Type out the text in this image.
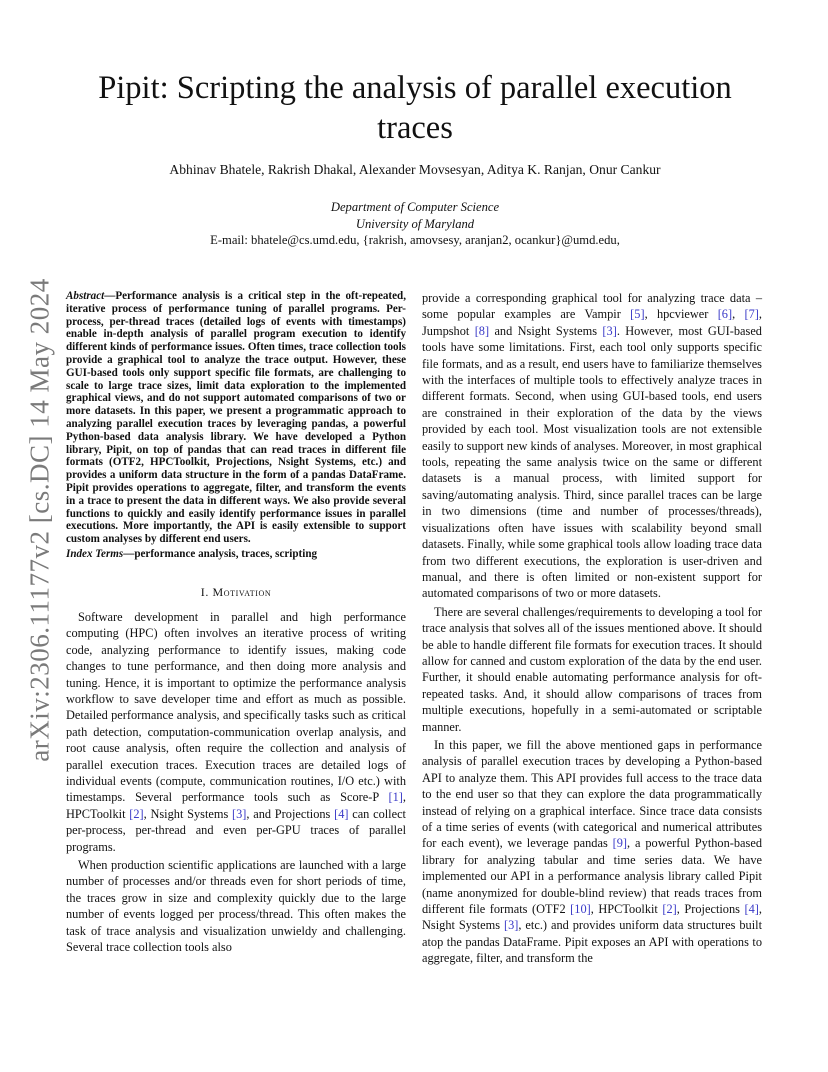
arXiv:2306.11177v2 [cs.DC] 14 May 2024
Pipit: Scripting the analysis of parallel execution traces
Abhinav Bhatele, Rakrish Dhakal, Alexander Movsesyan, Aditya K. Ranjan, Onur Cankur
Department of Computer Science
University of Maryland
E-mail: bhatele@cs.umd.edu, {rakrish, amovsesy, aranjan2, ocankur}@umd.edu,

Abstract—Performance analysis is a critical step in the oft-repeated, iterative process of performance tuning of parallel programs. Per-process, per-thread traces (detailed logs of events with timestamps) enable in-depth analysis of parallel program execution to identify different kinds of performance issues. Often times, trace collection tools provide a graphical tool to analyze the trace output. However, these GUI-based tools only support specific file formats, are challenging to scale to large trace sizes, limit data exploration to the implemented graphical views, and do not support automated comparisons of two or more datasets. In this paper, we present a programmatic approach to analyzing parallel execution traces by leveraging pandas, a powerful Python-based data analysis library. We have developed a Python library, Pipit, on top of pandas that can read traces in different file formats (OTF2, HPCToolkit, Projections, Nsight Systems, etc.) and provides a uniform data structure in the form of a pandas DataFrame. Pipit provides operations to aggregate, filter, and transform the events in a trace to present the data in different ways. We also provide several functions to quickly and easily identify performance issues in parallel executions. More importantly, the API is easily extensible to support custom analyses by different end users.

Index Terms—performance analysis, traces, scripting

I. Motivation

Software development in parallel and high performance computing (HPC) often involves an iterative process of writing code, analyzing performance to identify issues, making code changes to tune performance, and then doing more analysis and tuning. Hence, it is important to optimize the performance analysis workflow to save developer time and effort as much as possible. Detailed performance analysis, and specifically tasks such as critical path detection, computation-communication overlap analysis, and root cause analysis, often require the collection and analysis of parallel execution traces. Execution traces are detailed logs of individual events (compute, communication routines, I/O etc.) with timestamps. Several performance tools such as Score-P [1], HPCToolkit [2], Nsight Systems [3], and Projections [4] can collect per-process, per-thread and even per-GPU traces of parallel programs.

When production scientific applications are launched with a large number of processes and/or threads even for short periods of time, the traces grow in size and complexity quickly due to the large number of events logged per process/thread. This often makes the task of trace analysis and visualization unwieldy and challenging. Several trace collection tools also

provide a corresponding graphical tool for analyzing trace data – some popular examples are Vampir [5], hpcviewer [6], [7], Jumpshot [8] and Nsight Systems [3]. However, most GUI-based tools have some limitations. First, each tool only supports specific file formats, and as a result, end users have to familiarize themselves with the interfaces of multiple tools to effectively analyze traces in different formats. Second, when using GUI-based tools, end users are constrained in their exploration of the data by the views provided by each tool. Most visualization tools are not extensible easily to support new kinds of analyses. Moreover, in most graphical tools, repeating the same analysis twice on the same or different datasets is a manual process, with limited support for saving/automating analysis. Third, since parallel traces can be large in two dimensions (time and number of processes/threads), visualizations often have issues with scalability beyond small datasets. Finally, while some graphical tools allow loading trace data from two different executions, the exploration is user-driven and manual, and there is often limited or non-existent support for automated comparisons of two or more datasets.

There are several challenges/requirements to developing a tool for trace analysis that solves all of the issues mentioned above. It should be able to handle different file formats for execution traces. It should allow for canned and custom exploration of the data by the end user. Further, it should enable automating performance analysis for oft-repeated tasks. And, it should allow comparisons of traces from multiple executions, hopefully in a semi-automated or scriptable manner.

In this paper, we fill the above mentioned gaps in performance analysis of parallel execution traces by developing a Python-based API to analyze them. This API provides full access to the trace data to the end user so that they can explore the data programmatically instead of relying on a graphical interface. Since trace data consists of a time series of events (with categorical and numerical attributes for each event), we leverage pandas [9], a powerful Python-based library for analyzing tabular and time series data. We have implemented our API in a performance analysis library called Pipit (name anonymized for double-blind review) that reads traces from different file formats (OTF2 [10], HPCToolkit [2], Projections [4], Nsight Systems [3], etc.) and provides uniform data structures built atop the pandas DataFrame. Pipit exposes an API with operations to aggregate, filter, and transform the
